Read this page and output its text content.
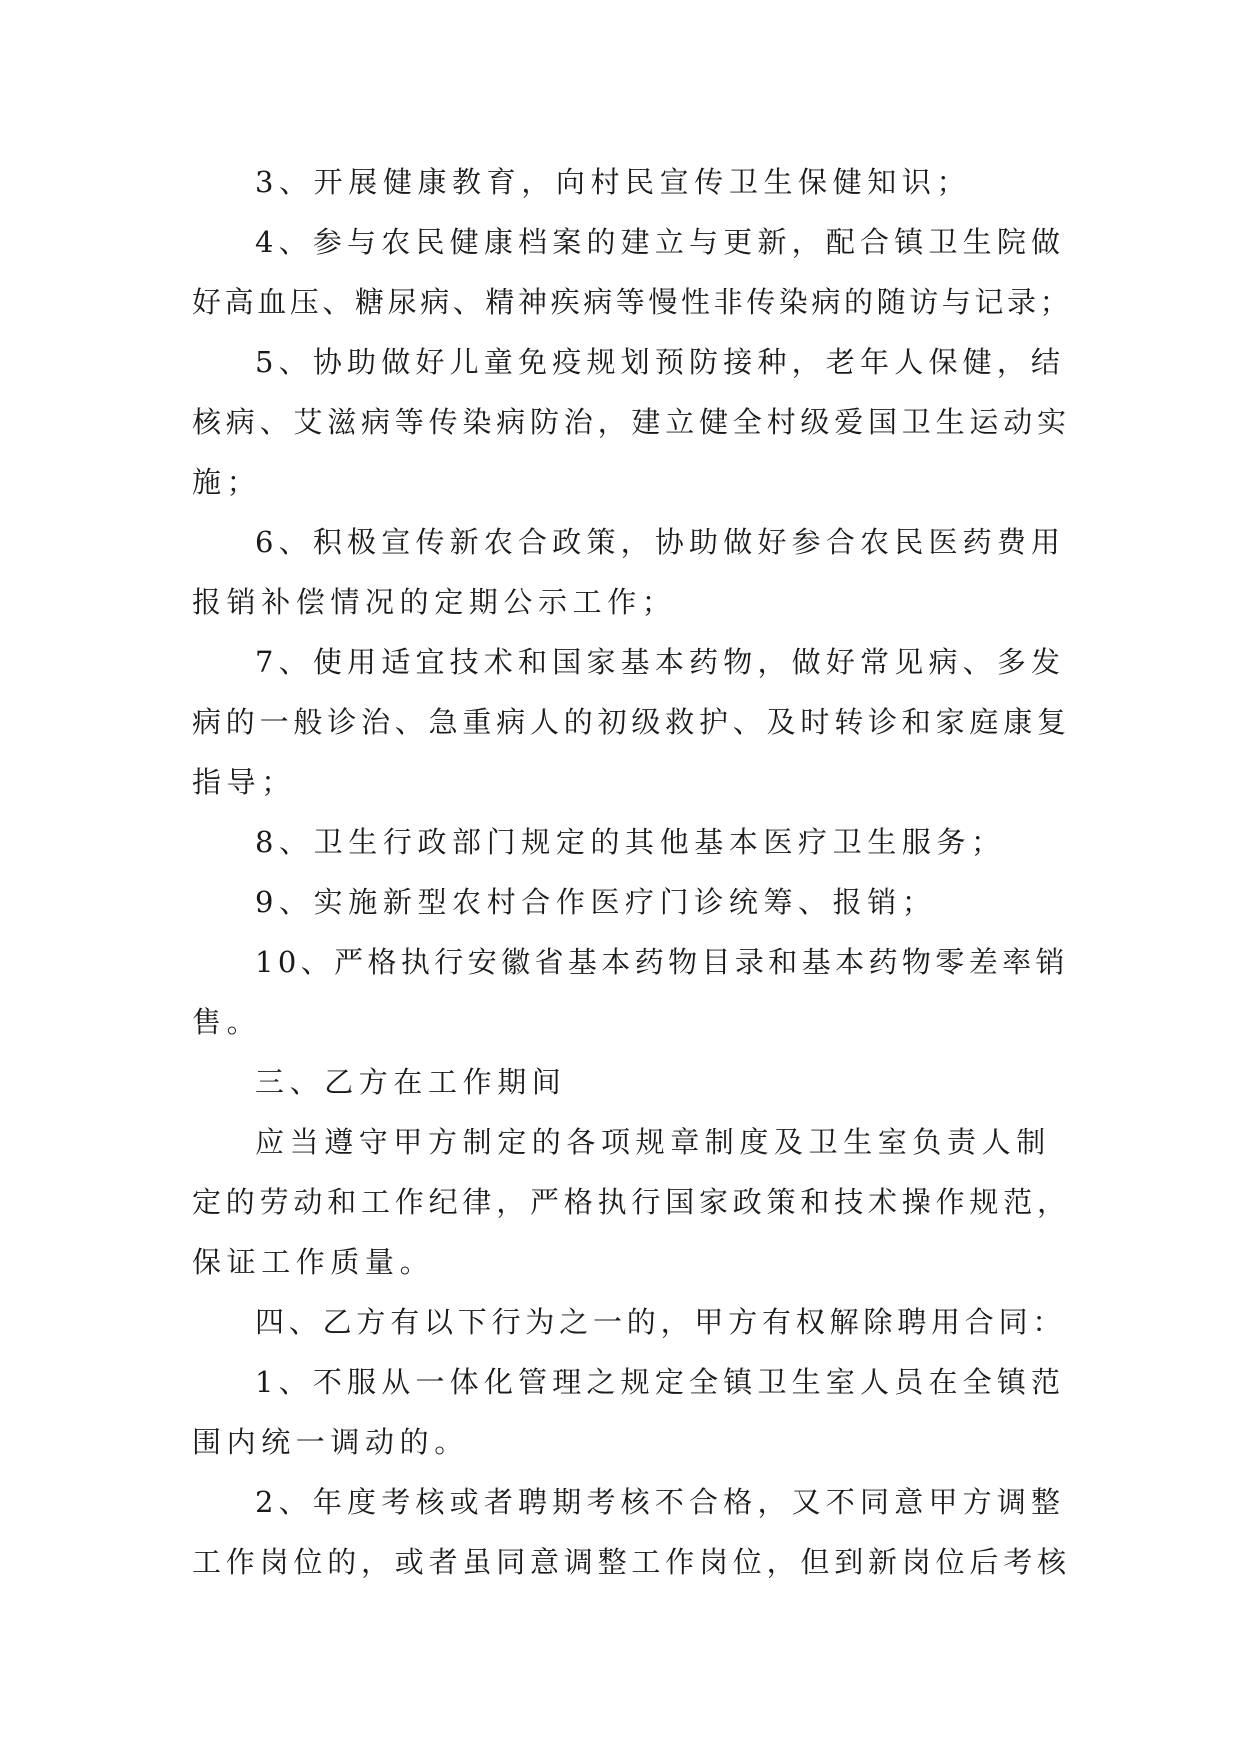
3、开展健康教育，向村民宣传卫生保健知识；
4、参与农民健康档案的建立与更新，配合镇卫生院做
好高血压、糖尿病、精神疾病等慢性非传染病的随访与记录；
5、协助做好儿童免疫规划预防接种，老年人保健，结
核病、艾滋病等传染病防治，建立健全村级爱国卫生运动实
施；
6、积极宣传新农合政策，协助做好参合农民医药费用
报销补偿情况的定期公示工作；
7、使用适宜技术和国家基本药物，做好常见病、多发
病的一般诊治、急重病人的初级救护、及时转诊和家庭康复
指导；
8、卫生行政部门规定的其他基本医疗卫生服务；
9、实施新型农村合作医疗门诊统筹、报销；
10、严格执行安徽省基本药物目录和基本药物零差率销
售。
三、乙方在工作期间
应当遵守甲方制定的各项规章制度及卫生室负责人制
定的劳动和工作纪律，严格执行国家政策和技术操作规范，
保证工作质量。
四、乙方有以下行为之一的，甲方有权解除聘用合同：
1、不服从一体化管理之规定全镇卫生室人员在全镇范
围内统一调动的。
2、年度考核或者聘期考核不合格，又不同意甲方调整
工作岗位的，或者虽同意调整工作岗位，但到新岗位后考核
